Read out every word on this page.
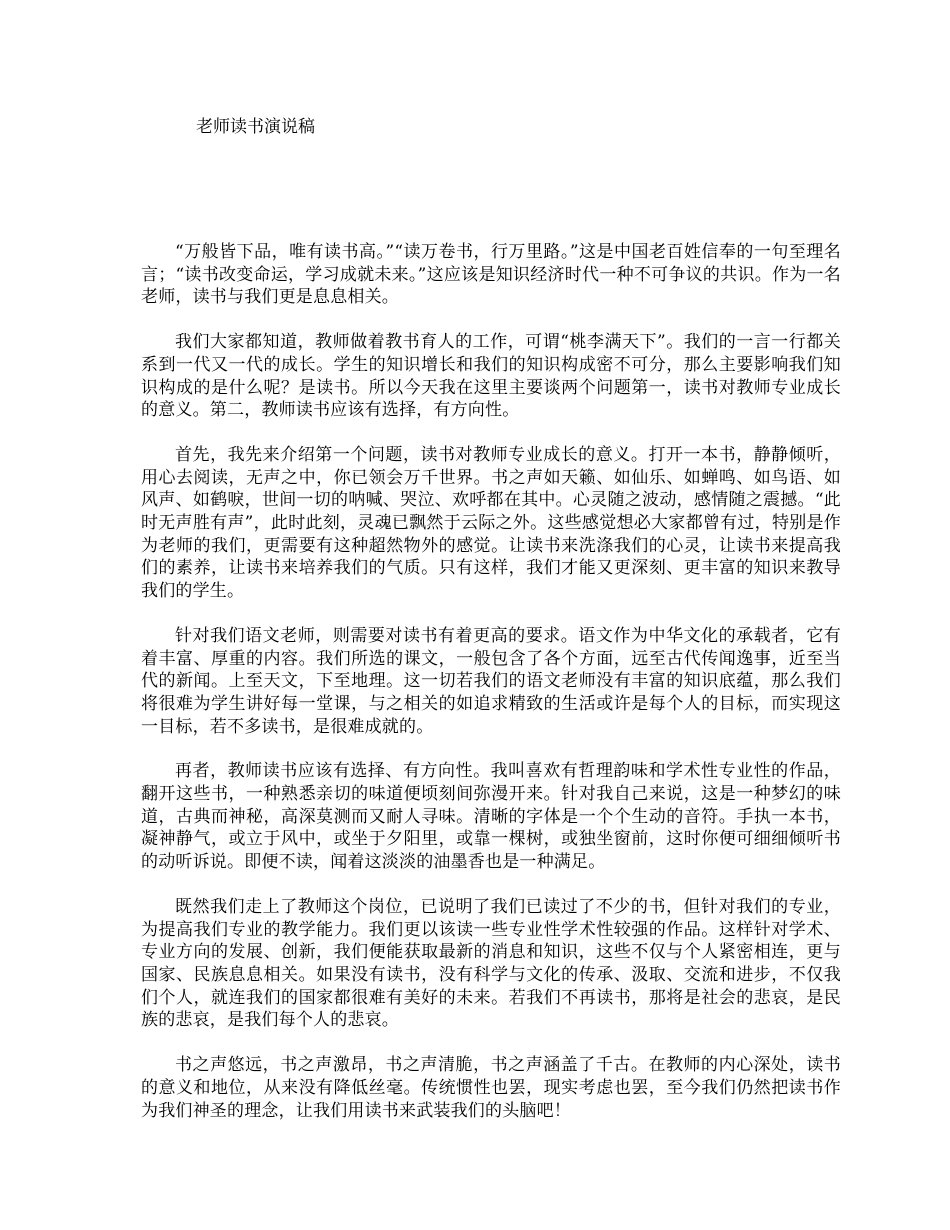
老师读书演说稿

“万般皆下品，唯有读书高。”“读万卷书，行万里路。”这是中国老百姓信奉的一句至理名言；“读书改变命运，学习成就未来。”这应该是知识经济时代一种不可争议的共识。作为一名老师，读书与我们更是息息相关。

我们大家都知道，教师做着教书育人的工作，可谓“桃李满天下”。我们的一言一行都关系到一代又一代的成长。学生的知识增长和我们的知识构成密不可分，那么主要影响我们知识构成的是什么呢？是读书。所以今天我在这里主要谈两个问题第一，读书对教师专业成长的意义。第二，教师读书应该有选择，有方向性。

首先，我先来介绍第一个问题，读书对教师专业成长的意义。打开一本书，静静倾听，用心去阅读，无声之中，你已领会万千世界。书之声如天籁、如仙乐、如蝉鸣、如鸟语、如风声、如鹤唳，世间一切的呐喊、哭泣、欢呼都在其中。心灵随之波动，感情随之震撼。“此时无声胜有声”，此时此刻，灵魂已飘然于云际之外。这些感觉想必大家都曾有过，特别是作为老师的我们，更需要有这种超然物外的感觉。让读书来洗涤我们的心灵，让读书来提高我们的素养，让读书来培养我们的气质。只有这样，我们才能又更深刻、更丰富的知识来教导我们的学生。

针对我们语文老师，则需要对读书有着更高的要求。语文作为中华文化的承载者，它有着丰富、厚重的内容。我们所选的课文，一般包含了各个方面，远至古代传闻逸事，近至当代的新闻。上至天文，下至地理。这一切若我们的语文老师没有丰富的知识底蕴，那么我们将很难为学生讲好每一堂课，与之相关的如追求精致的生活或许是每个人的目标，而实现这一目标，若不多读书，是很难成就的。

再者，教师读书应该有选择、有方向性。我叫喜欢有哲理韵味和学术性专业性的作品，翻开这些书，一种熟悉亲切的味道便顷刻间弥漫开来。针对我自己来说，这是一种梦幻的味道，古典而神秘，高深莫测而又耐人寻味。清晰的字体是一个个生动的音符。手执一本书，凝神静气，或立于风中，或坐于夕阳里，或靠一棵树，或独坐窗前，这时你便可细细倾听书的动听诉说。即便不读，闻着这淡淡的油墨香也是一种满足。

既然我们走上了教师这个岗位，已说明了我们已读过了不少的书，但针对我们的专业，为提高我们专业的教学能力。我们更以该读一些专业性学术性较强的作品。这样针对学术、专业方向的发展、创新，我们便能获取最新的消息和知识，这些不仅与个人紧密相连，更与国家、民族息息相关。如果没有读书，没有科学与文化的传承、汲取、交流和进步，不仅我们个人，就连我们的国家都很难有美好的未来。若我们不再读书，那将是社会的悲哀，是民族的悲哀，是我们每个人的悲哀。

书之声悠远，书之声激昂，书之声清脆，书之声涵盖了千古。在教师的内心深处，读书的意义和地位，从来没有降低丝毫。传统惯性也罢，现实考虑也罢，至今我们仍然把读书作为我们神圣的理念，让我们用读书来武装我们的头脑吧！
